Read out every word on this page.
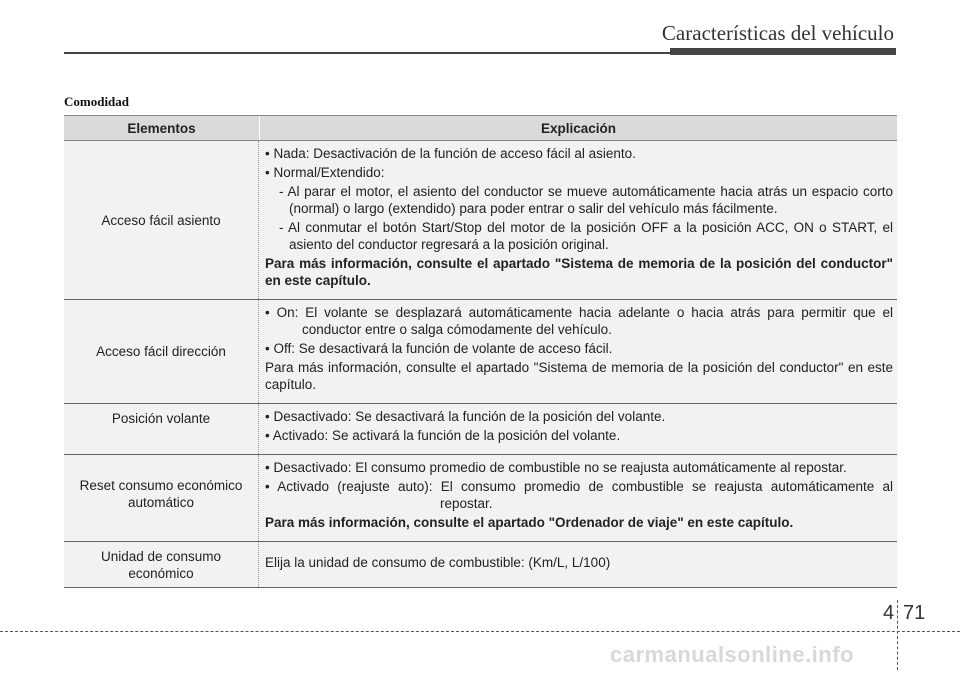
Características del vehículo
Comodidad
Elementos	Explicación
Acceso fácil asiento

• Nada: Desactivación de la función de acceso fácil al asiento.

• Normal/Extendido:

- Al parar el motor, el asiento del conductor se mueve automáticamente hacia atrás un espacio corto (normal) o largo (extendido) para poder entrar o salir del vehículo más fácilmente.

- Al conmutar el botón Start/Stop del motor de la posición OFF a la posición ACC, ON o START, el asiento del conductor regresará a la posición original.

Para más información, consulte el apartado "Sistema de memoria de la posición del conductor" en este capítulo.

Acceso fácil dirección

• On: El volante se desplazará automáticamente hacia adelante o hacia atrás para permitir que el conductor entre o salga cómodamente del vehículo.

• Off: Se desactivará la función de volante de acceso fácil.

Para más información, consulte el apartado "Sistema de memoria de la posición del conductor" en este capítulo.

Posición volante	• Desactivado: Se desactivará la función de la posición del volante.

• Activado: Se activará la función de la posición del volante.

Reset consumo económico automático

• Desactivado: El consumo promedio de combustible no se reajusta automáticamente al repostar.

• Activado (reajuste auto): El consumo promedio de combustible se reajusta automáticamente al repostar.

Para más información, consulte el apartado "Ordenador de viaje" en este capítulo.

Unidad de consumo económico

Elija la unidad de consumo de combustible: (Km/L, L/100)

4 71
carmanualsonline.info
